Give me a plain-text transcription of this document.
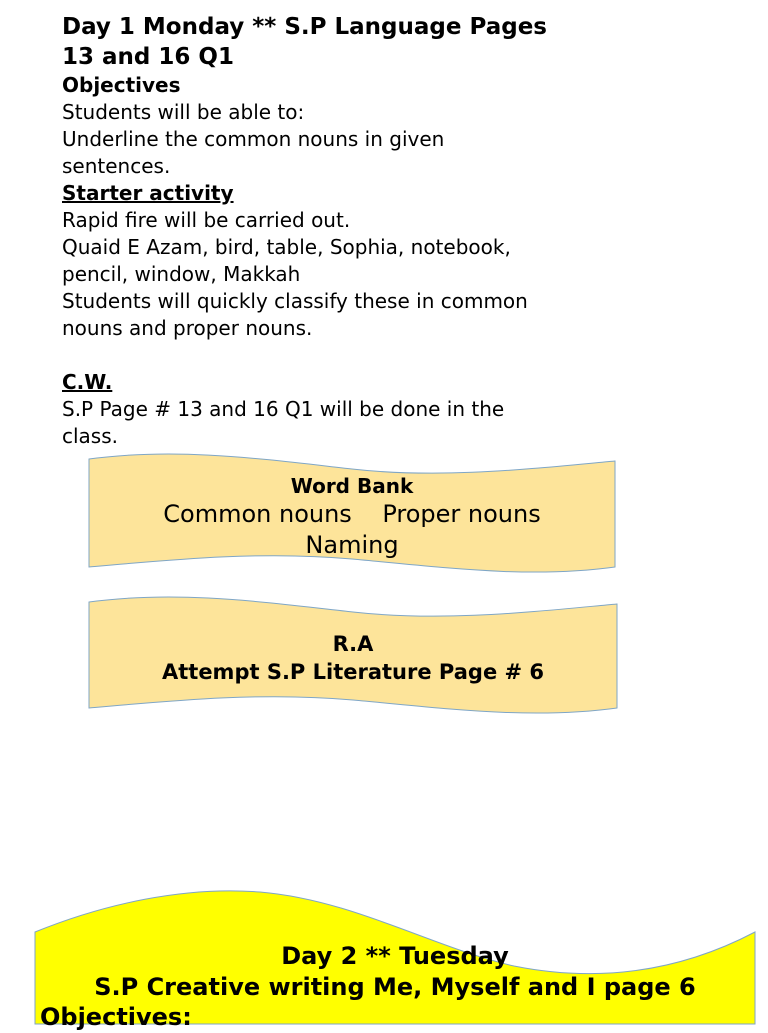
Day 1 Monday ** S.P Language Pages

13 and 16 Q1

Objectives

Students will be able to:

Underline the common nouns in given

sentences.

Starter activity

Rapid fire will be carried out.

Quaid E Azam, bird, table, Sophia, notebook,

pencil, window, Makkah

Students will quickly classify these in common

nouns and proper nouns.

C.W.

S.P Page # 13 and 16 Q1 will be done in the

class.

Word Bank
Common nouns    Proper nouns
Naming
R.A
Attempt S.P Literature Page # 6
Day 2 ** Tuesday
S.P Creative writing Me, Myself and I page 6
Objectives:
